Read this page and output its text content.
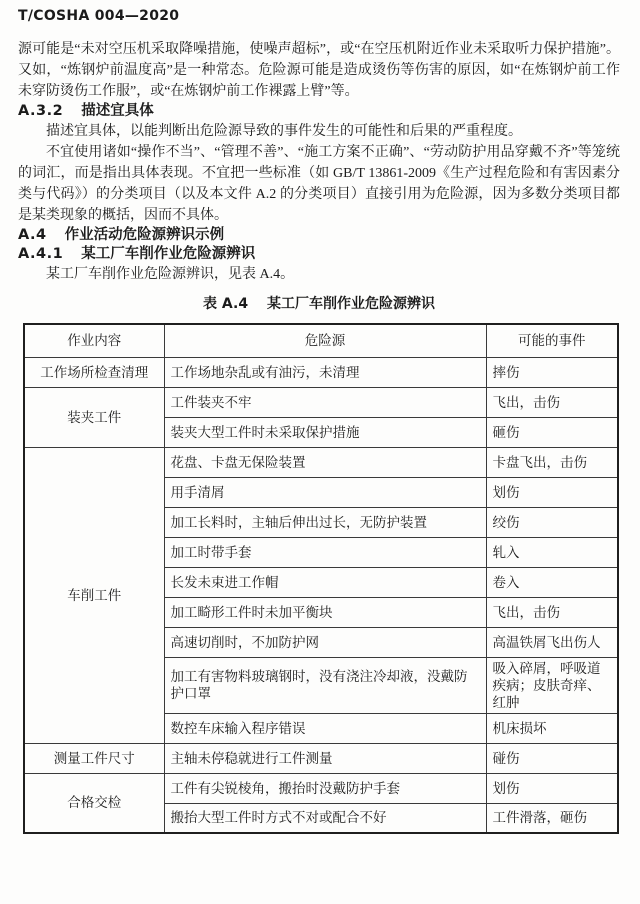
T/COSHA 004—2020

源可能是“未对空压机采取降噪措施，使噪声超标”，或“在空压机附近作业未采取听力保护措施”。又如，“炼钢炉前温度高”是一种常态。危险源可能是造成烫伤等伤害的原因，如“在炼钢炉前工作未穿防烫伤工作服”，或“在炼钢炉前工作裸露上臂”等。

A.3.2 描述宜具体

描述宜具体，以能判断出危险源导致的事件发生的可能性和后果的严重程度。

不宜使用诸如“操作不当”、“管理不善”、“施工方案不正确”、“劳动防护用品穿戴不齐”等笼统的词汇，而是指出具体表现。不宜把一些标准（如 GB/T 13861-2009《生产过程危险和有害因素分类与代码》）的分类项目（以及本文件 A.2 的分类项目）直接引用为危险源，因为多数分类项目都是某类现象的概括，因而不具体。

A.4 作业活动危险源辨识示例
A.4.1 某工厂车削作业危险源辨识

某工厂车削作业危险源辨识，见表 A.4。

表 A.4 某工厂车削作业危险源辨识
作业内容	危险源	可能的事件
工作场所检查清理	工作场地杂乱或有油污，未清理	摔伤
装夹工件	工件装夹不牢	飞出，击伤
	装夹大型工件时未采取保护措施	砸伤
车削工件	花盘、卡盘无保险装置	卡盘飞出，击伤
	用手清屑	划伤
	加工长料时，主轴后伸出过长，无防护装置	绞伤
	加工时带手套	轧入
	长发未束进工作帽	卷入
	加工畸形工件时未加平衡块	飞出，击伤
	高速切削时，不加防护网	高温铁屑飞出伤人
	加工有害物料玻璃钢时，没有浇注冷却液，没戴防护口罩	吸入碎屑，呼吸道疾病；皮肤奇痒、红肿
	数控车床输入程序错误	机床损坏
测量工件尺寸	主轴未停稳就进行工件测量	碰伤
合格交检	工件有尖锐棱角，搬抬时没戴防护手套	划伤
	搬抬大型工件时方式不对或配合不好	工件滑落，砸伤
